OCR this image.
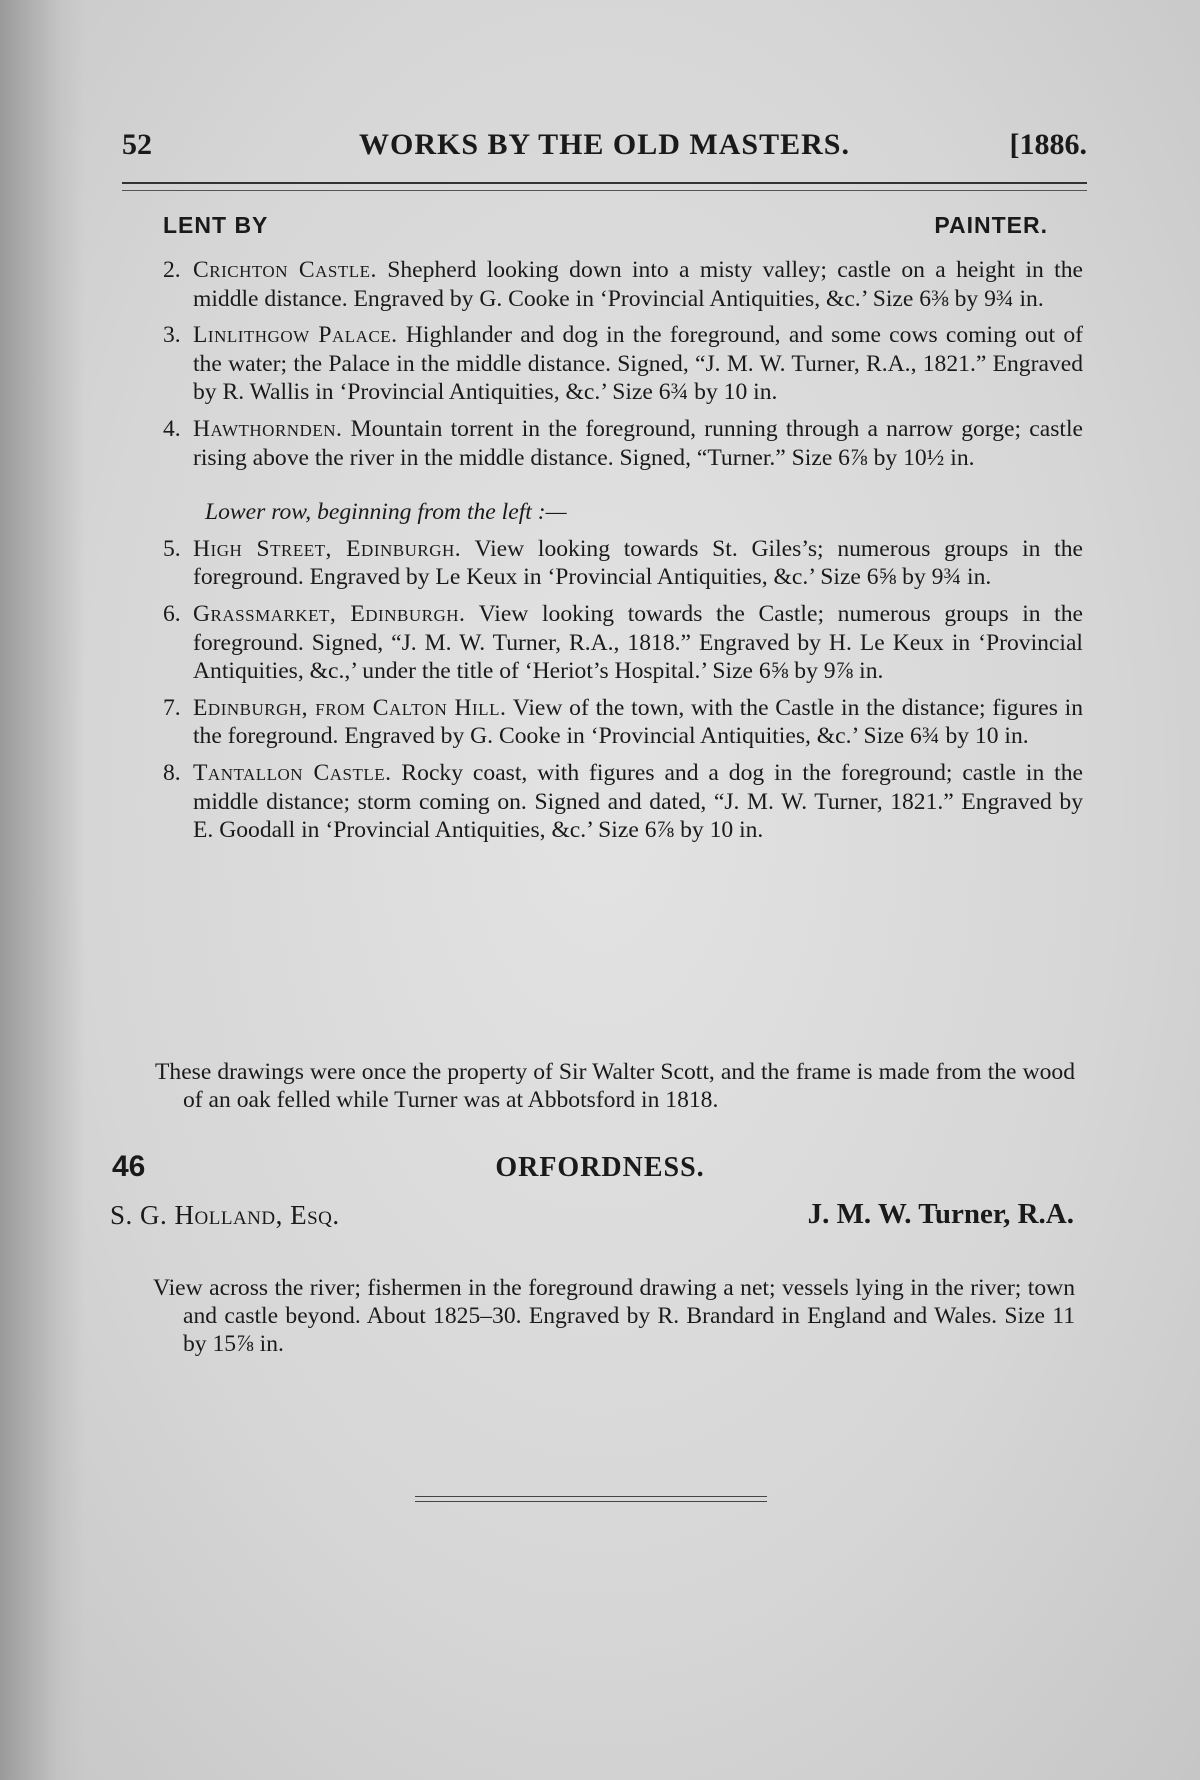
52	WORKS BY THE OLD MASTERS.	[1886.
LENT BY	PAINTER.

2. Crichton Castle. Shepherd looking down into a misty valley; castle on a height in the middle distance. Engraved by G. Cooke in ‘Provincial Antiquities, &c.’ Size 6⅜ by 9¾ in.

3. Linlithgow Palace. Highlander and dog in the foreground, and some cows coming out of the water; the Palace in the middle distance. Signed, “J. M. W. Turner, R.A., 1821.” Engraved by R. Wallis in ‘Provincial Antiquities, &c.’ Size 6¾ by 10 in.

4. Hawthornden. Mountain torrent in the foreground, running through a narrow gorge; castle rising above the river in the middle distance. Signed, “Turner.” Size 6⅞ by 10½ in.

Lower row, beginning from the left :—

5. High Street, Edinburgh. View looking towards St. Giles’s; numerous groups in the foreground. Engraved by Le Keux in ‘Provincial Antiquities, &c.’ Size 6⅝ by 9¾ in.

6. Grassmarket, Edinburgh. View looking towards the Castle; numerous groups in the foreground. Signed, “J. M. W. Turner, R.A., 1818.” Engraved by H. Le Keux in ‘Provincial Antiquities, &c.,’ under the title of ‘Heriot’s Hospital.’ Size 6⅝ by 9⅞ in.

7. Edinburgh, from Calton Hill. View of the town, with the Castle in the distance; figures in the foreground. Engraved by G. Cooke in ‘Provincial Antiquities, &c.’ Size 6¾ by 10 in.

8. Tantallon Castle. Rocky coast, with figures and a dog in the foreground; castle in the middle distance; storm coming on. Signed and dated, “J. M. W. Turner, 1821.” Engraved by E. Goodall in ‘Provincial Antiquities, &c.’ Size 6⅞ by 10 in.

These drawings were once the property of Sir Walter Scott, and the frame is made from the wood of an oak felled while Turner was at Abbotsford in 1818.

46	ORFORDNESS.
S. G. Holland, Esq.	J. M. W. Turner, R.A.

View across the river; fishermen in the foreground drawing a net; vessels lying in the river; town and castle beyond. About 1825–30. Engraved by R. Brandard in England and Wales. Size 11 by 15⅞ in.
